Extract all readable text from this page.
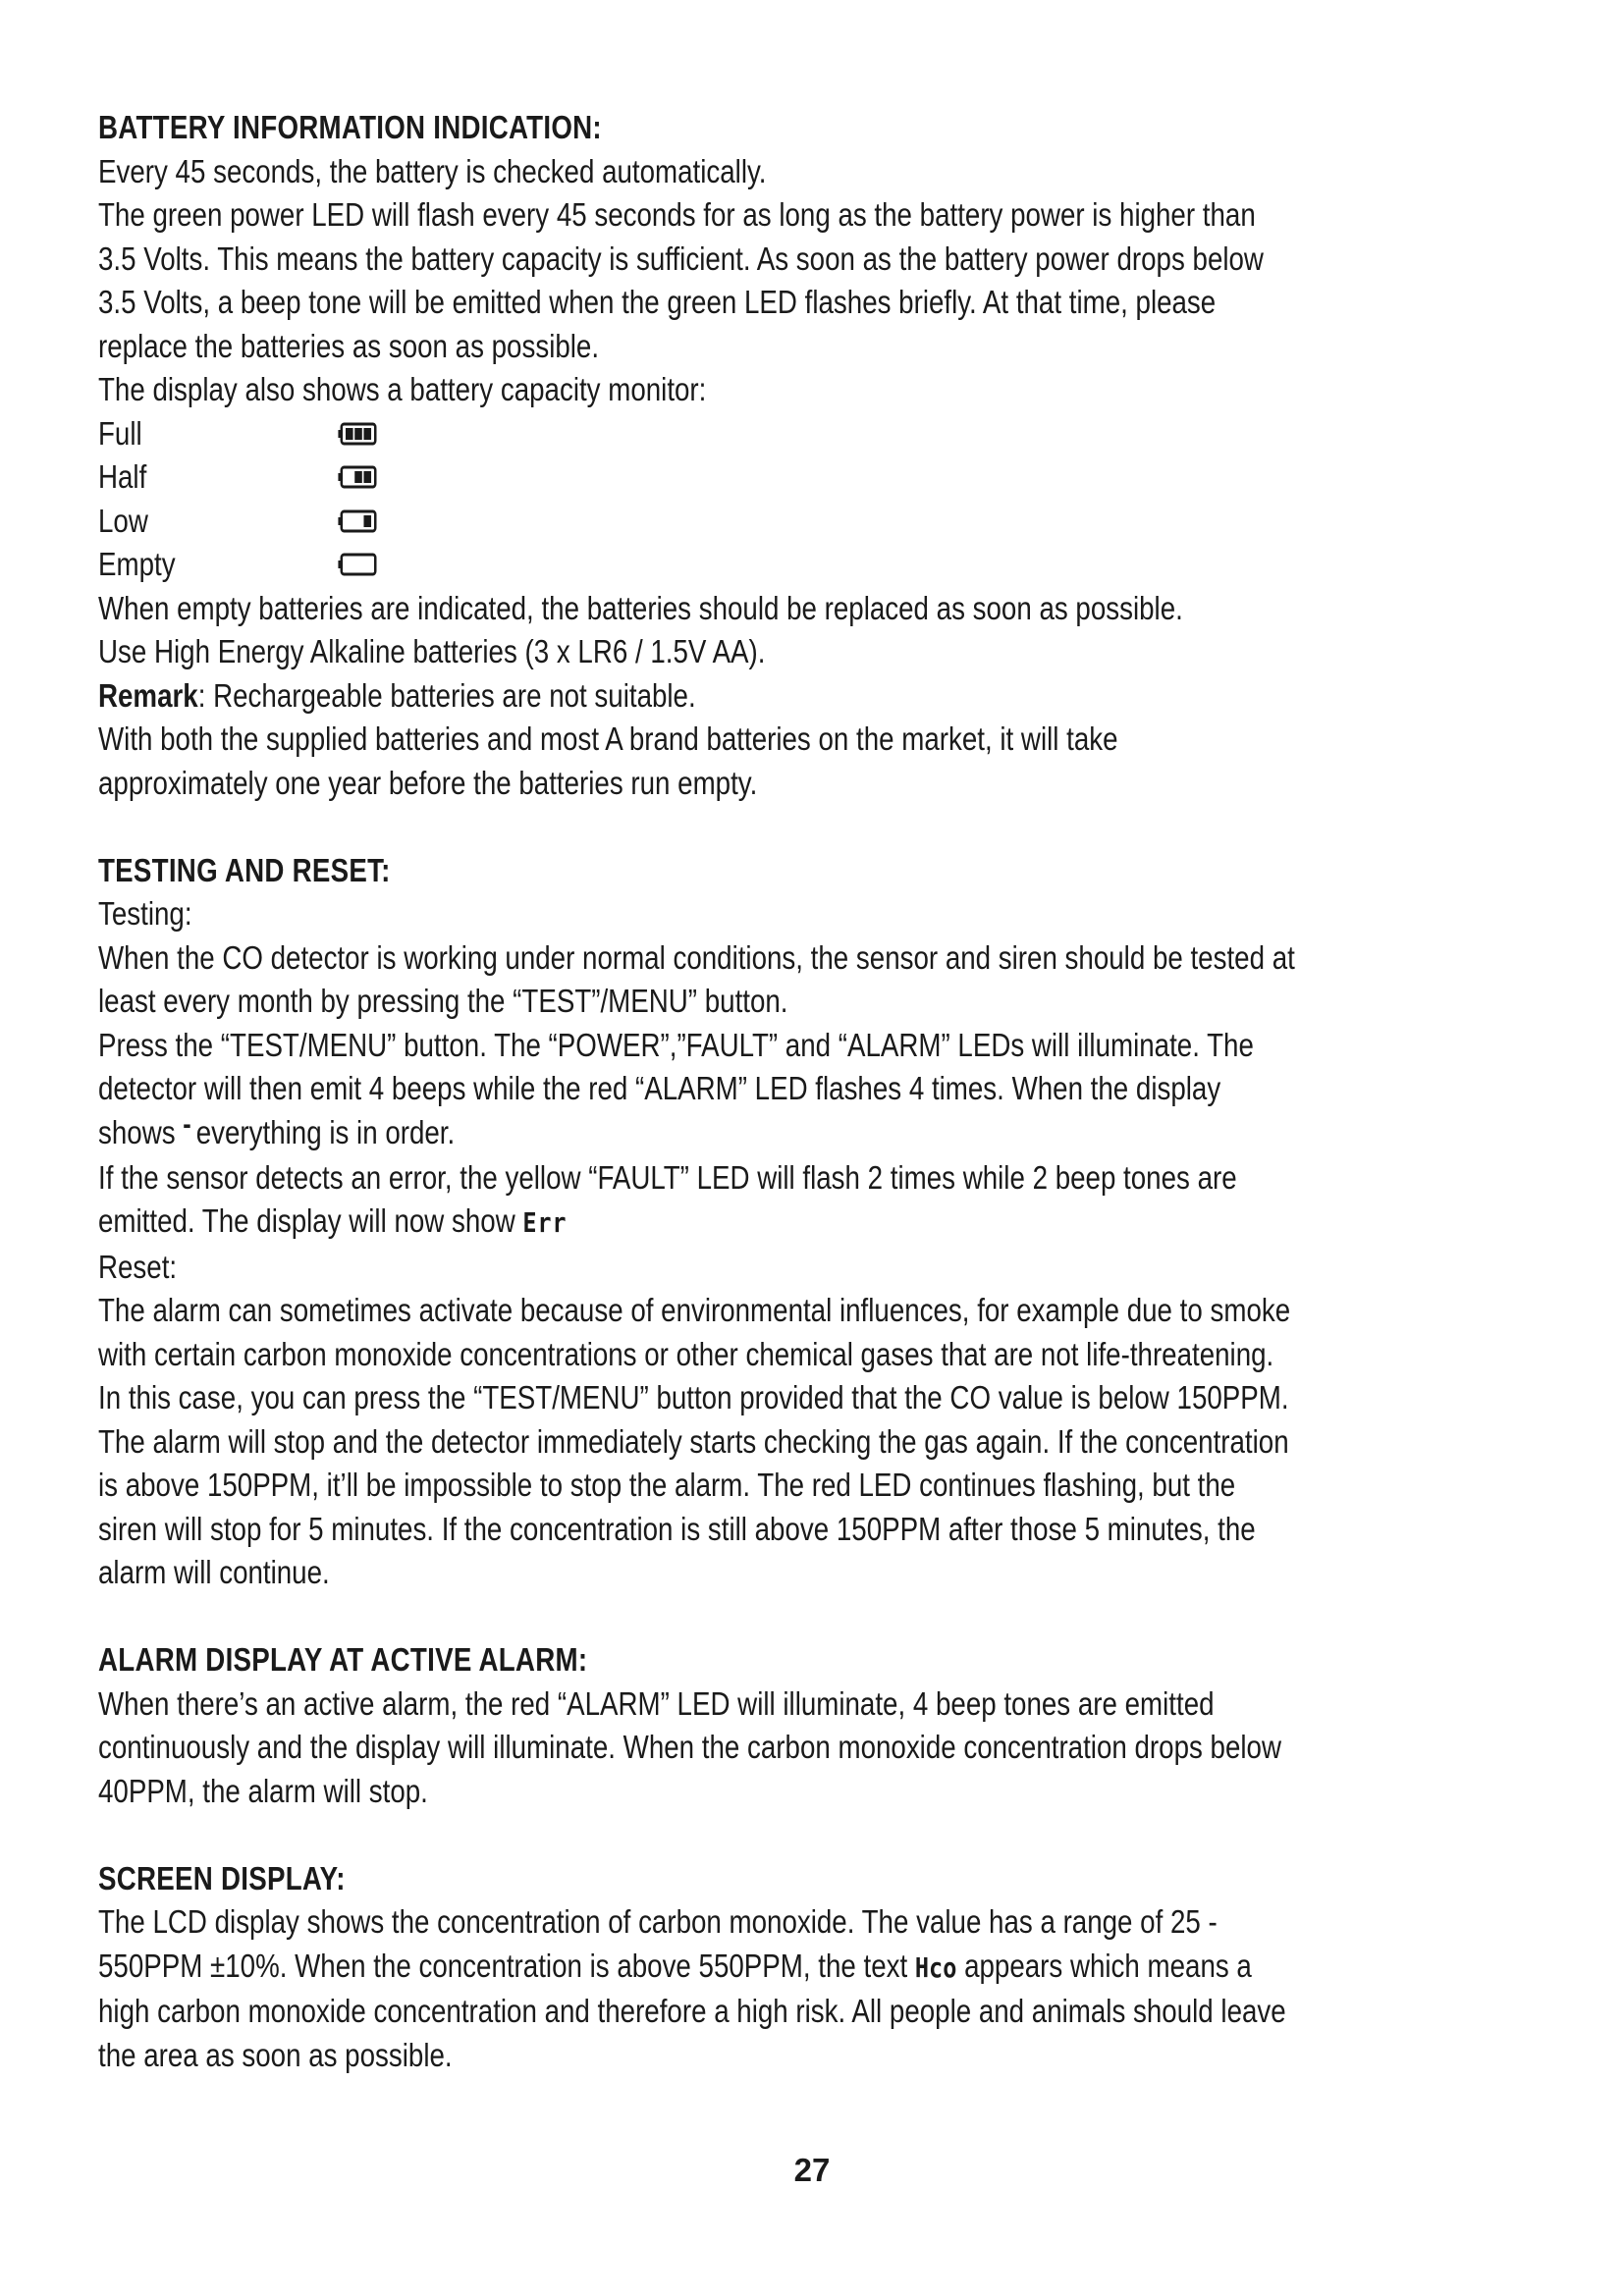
BATTERY INFORMATION INDICATION:

Every 45 seconds, the battery is checked automatically.

The green power LED will flash every 45 seconds for as long as the battery power is higher than

3.5 Volts. This means the battery capacity is sufficient. As soon as the battery power drops below

3.5 Volts, a beep tone will be emitted when the green LED flashes briefly. At that time, please

replace the batteries as soon as possible.

The display also shows a battery capacity monitor:

Full
Half
Low
Empty

When empty batteries are indicated, the batteries should be replaced as soon as possible.

Use High Energy Alkaline batteries (3 x LR6 / 1.5V AA).

Remark: Rechargeable batteries are not suitable.

With both the supplied batteries and most A brand batteries on the market, it will take

approximately one year before the batteries run empty.

TESTING AND RESET:

Testing:

When the CO detector is working under normal conditions, the sensor and siren should be tested at

least every month by pressing the “TEST”/MENU” button.

Press the “TEST/MENU” button. The “POWER”,”FAULT” and “ALARM” LEDs will illuminate. The

detector will then emit 4 beeps while the red “ALARM” LED flashes 4 times. When the display

shows - everything is in order.

If the sensor detects an error, the yellow “FAULT” LED will flash 2 times while 2 beep tones are

emitted. The display will now show Err

Reset:

The alarm can sometimes activate because of environmental influences, for example due to smoke

with certain carbon monoxide concentrations or other chemical gases that are not life-threatening.

In this case, you can press the “TEST/MENU” button provided that the CO value is below 150PPM.

The alarm will stop and the detector immediately starts checking the gas again. If the concentration

is above 150PPM, it’ll be impossible to stop the alarm. The red LED continues flashing, but the

siren will stop for 5 minutes. If the concentration is still above 150PPM after those 5 minutes, the

alarm will continue.

ALARM DISPLAY AT ACTIVE ALARM:

When there’s an active alarm, the red “ALARM” LED will illuminate, 4 beep tones are emitted

continuously and the display will illuminate. When the carbon monoxide concentration drops below

40PPM, the alarm will stop.

SCREEN DISPLAY:

The LCD display shows the concentration of carbon monoxide. The value has a range of 25 -

550PPM ±10%. When the concentration is above 550PPM, the text Hco appears which means a

high carbon monoxide concentration and therefore a high risk. All people and animals should leave

the area as soon as possible.

27
